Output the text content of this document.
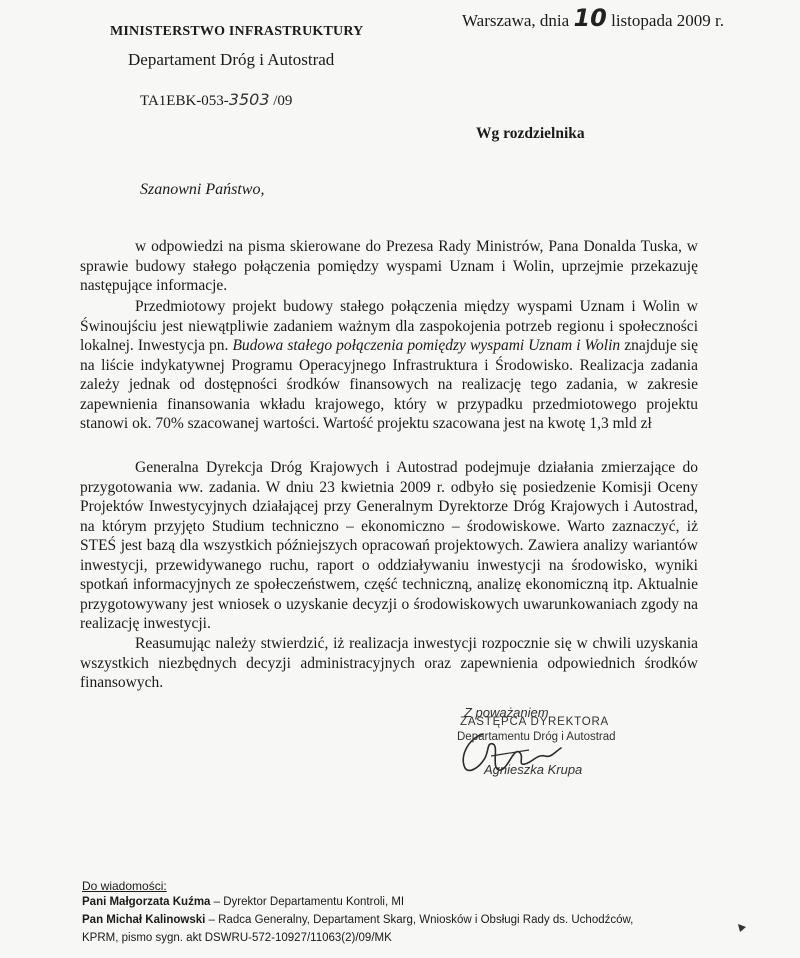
MINISTERSTWO INFRASTRUKTURY
Departament Dróg i Autostrad
TA1EBK-053-3503 /09
Warszawa, dnia 10 listopada 2009 r.
Wg rozdzielnika
Szanowni Państwo,
w odpowiedzi na pisma skierowane do Prezesa Rady Ministrów, Pana Donalda Tuska, w sprawie budowy stałego połączenia pomiędzy wyspami Uznam i Wolin, uprzejmie przekazuję następujące informacje.
Przedmiotowy projekt budowy stałego połączenia między wyspami Uznam i Wolin w Świnoujściu jest niewątpliwie zadaniem ważnym dla zaspokojenia potrzeb regionu i społeczności lokalnej. Inwestycja pn. Budowa stałego połączenia pomiędzy wyspami Uznam i Wolin znajduje się na liście indykatywnej Programu Operacyjnego Infrastruktura i Środowisko. Realizacja zadania zależy jednak od dostępności środków finansowych na realizację tego zadania, w zakresie zapewnienia finansowania wkładu krajowego, który w przypadku przedmiotowego projektu stanowi ok. 70% szacowanej wartości. Wartość projektu szacowana jest na kwotę 1,3 mld zł
Generalna Dyrekcja Dróg Krajowych i Autostrad podejmuje działania zmierzające do przygotowania ww. zadania. W dniu 23 kwietnia 2009 r. odbyło się posiedzenie Komisji Oceny Projektów Inwestycyjnych działającej przy Generalnym Dyrektorze Dróg Krajowych i Autostrad, na którym przyjęto Studium techniczno – ekonomiczno – środowiskowe. Warto zaznaczyć, iż STEŚ jest bazą dla wszystkich późniejszych opracowań projektowych. Zawiera analizy wariantów inwestycji, przewidywanego ruchu, raport o oddziaływaniu inwestycji na środowisko, wyniki spotkań informacyjnych ze społeczeństwem, część techniczną, analizę ekonomiczną itp. Aktualnie przygotowywany jest wniosek o uzyskanie decyzji o środowiskowych uwarunkowaniach zgody na realizację inwestycji.
Reasumując należy stwierdzić, iż realizacja inwestycji rozpocznie się w chwili uzyskania wszystkich niezbędnych decyzji administracyjnych oraz zapewnienia odpowiednich środków finansowych.
Z poważaniem
ZASTĘPCA DYREKTORA
Departamentu Dróg i Autostrad
Agnieszka Krupa
Do wiadomości:
Pani Małgorzata Kuźma – Dyrektor Departamentu Kontroli, MI
Pan Michał Kalinowski – Radca Generalny, Departament Skarg, Wniosków i Obsługi Rady ds. Uchodźców,
KPRM, pismo sygn. akt DSWRU-572-10927/11063(2)/09/MK
